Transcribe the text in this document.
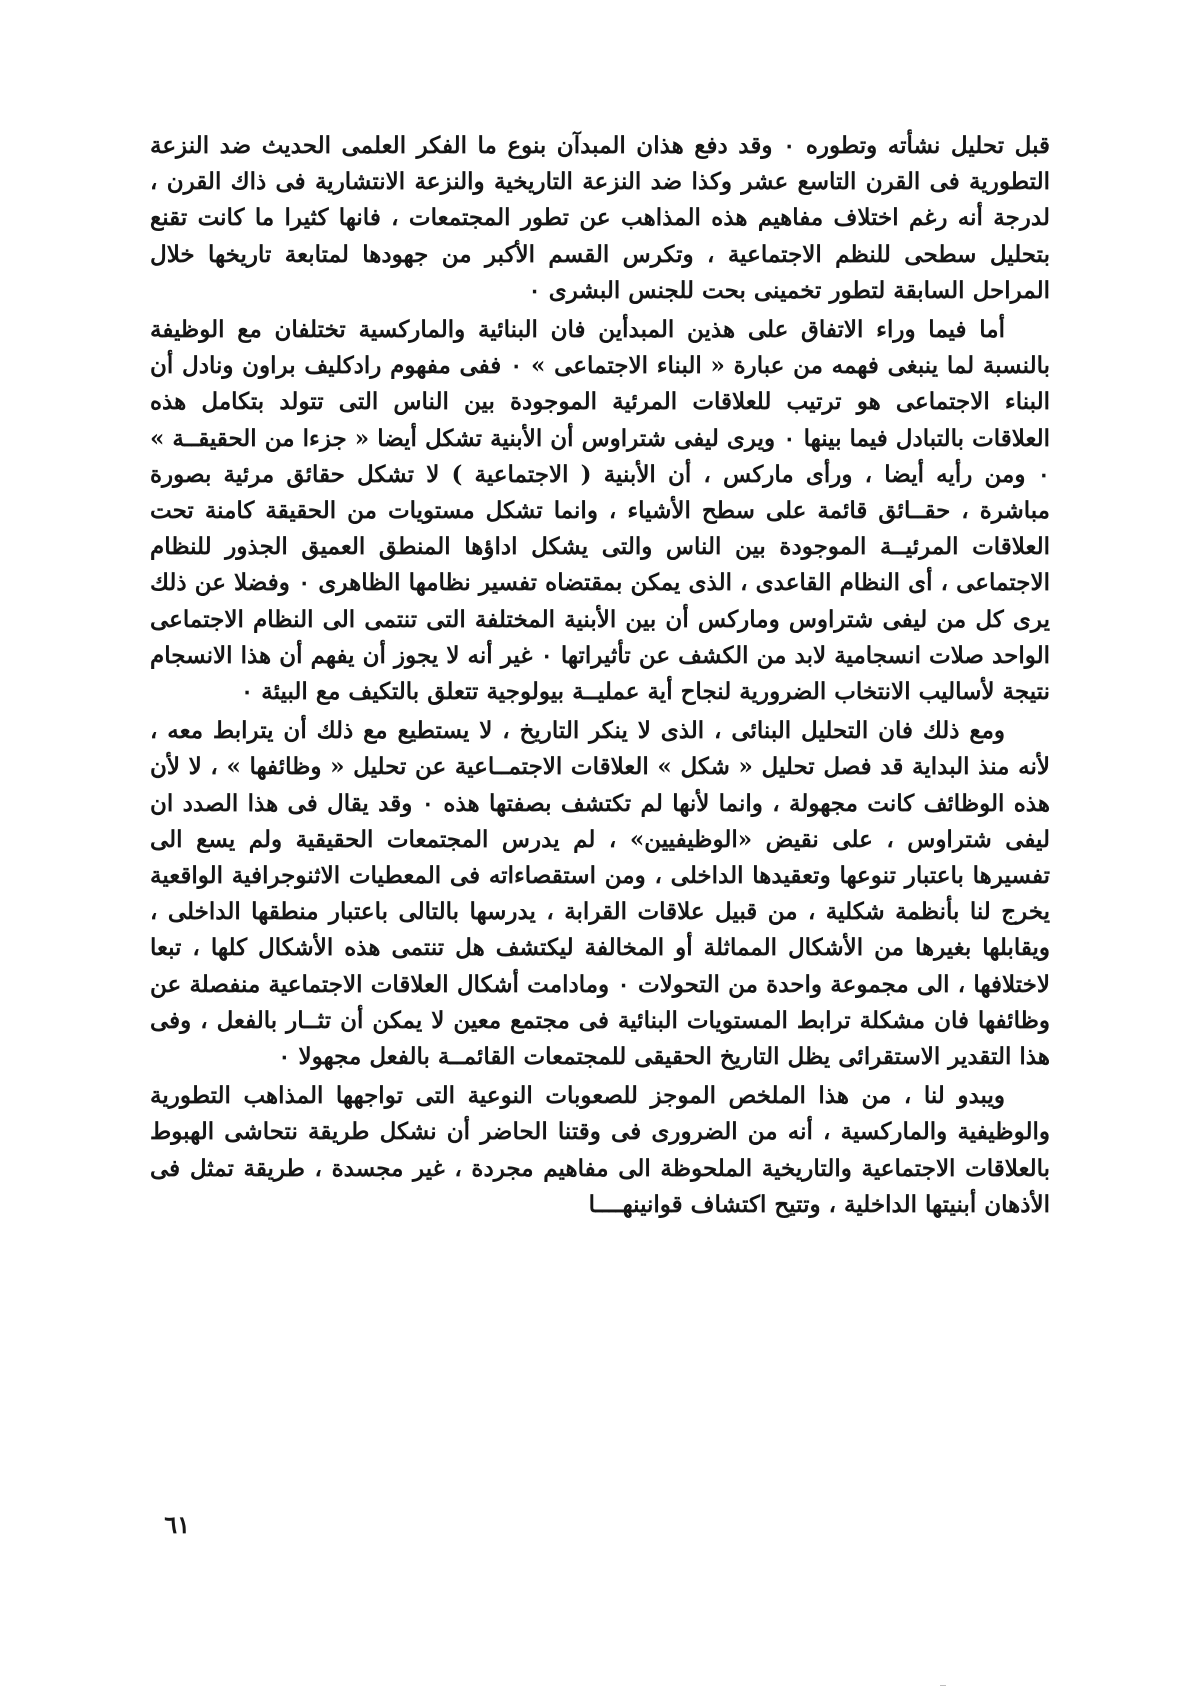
قبل تحليل نشأته وتطوره ٠ وقد دفع هذان المبدآن بنوع ما الفكر العلمى الحديث ضد النزعة التطورية فى القرن التاسع عشر وكذا ضد النزعة التاريخية والنزعة الانتشارية فى ذاك القرن ، لدرجة أنه رغم اختلاف مفاهيم هذه المذاهب عن تطور المجتمعات ، فانها كثيرا ما كانت تقنع بتحليل سطحى للنظم الاجتماعية ، وتكرس القسم الأكبر من جهودها لمتابعة تاريخها خلال المراحل السابقة لتطور تخمينى بحت للجنس البشرى ٠

أما فيما وراء الاتفاق على هذين المبدأين فان البنائية والماركسية تختلفان مع الوظيفة بالنسبة لما ينبغى فهمه من عبارة « البناء الاجتماعى » ٠ ففى مفهوم رادكليف براون ونادل أن البناء الاجتماعى هو ترتيب للعلاقات المرئية الموجودة بين الناس التى تتولد بتكامل هذه العلاقات بالتبادل فيما بينها ٠ ويرى ليفى شتراوس أن الأبنية تشكل أيضا « جزءا من الحقيقــة » ٠ ومن رأيه أيضا ، ورأى ماركس ، أن الأبنية ( الاجتماعية ) لا تشكل حقائق مرئية بصورة مباشرة ، حقــائق قائمة على سطح الأشياء ، وانما تشكل مستويات من الحقيقة كامنة تحت العلاقات المرئيــة الموجودة بين الناس والتى يشكل اداؤها المنطق العميق الجذور للنظام الاجتماعى ، أى النظام القاعدى ، الذى يمكن بمقتضاه تفسير نظامها الظاهرى ٠ وفضلا عن ذلك يرى كل من ليفى شتراوس وماركس أن بين الأبنية المختلفة التى تنتمى الى النظام الاجتماعى الواحد صلات انسجامية لابد من الكشف عن تأثيراتها ٠ غير أنه لا يجوز أن يفهم أن هذا الانسجام نتيجة لأساليب الانتخاب الضرورية لنجاح أية عمليــة بيولوجية تتعلق بالتكيف مع البيئة ٠

ومع ذلك فان التحليل البنائى ، الذى لا ينكر التاريخ ، لا يستطيع مع ذلك أن يترابط معه ، لأنه منذ البداية قد فصل تحليل « شكل » العلاقات الاجتمــاعية عن تحليل « وظائفها » ، لا لأن هذه الوظائف كانت مجهولة ، وانما لأنها لم تكتشف بصفتها هذه ٠ وقد يقال فى هذا الصدد ان ليفى شتراوس ، على نقيض «الوظيفيين» ، لم يدرس المجتمعات الحقيقية ولم يسع الى تفسيرها باعتبار تنوعها وتعقيدها الداخلى ، ومن استقصاءاته فى المعطيات الاثنوجرافية الواقعية يخرج لنا بأنظمة شكلية ، من قبيل علاقات القرابة ، يدرسها بالتالى باعتبار منطقها الداخلى ، ويقابلها بغيرها من الأشكال المماثلة أو المخالفة ليكتشف هل تنتمى هذه الأشكال كلها ، تبعا لاختلافها ، الى مجموعة واحدة من التحولات ٠ ومادامت أشكال العلاقات الاجتماعية منفصلة عن وظائفها فان مشكلة ترابط المستويات البنائية فى مجتمع معين لا يمكن أن تثــار بالفعل ، وفى هذا التقدير الاستقرائى يظل التاريخ الحقيقى للمجتمعات القائمــة بالفعل مجهولا ٠

ويبدو لنا ، من هذا الملخص الموجز للصعوبات النوعية التى تواجهها المذاهب التطورية والوظيفية والماركسية ، أنه من الضرورى فى وقتنا الحاضر أن نشكل طريقة نتحاشى الهبوط بالعلاقات الاجتماعية والتاريخية الملحوظة الى مفاهيم مجردة ، غير مجسدة ، طريقة تمثل فى الأذهان أبنيتها الداخلية ، وتتيح اكتشاف قوانينهــــا

٦١
